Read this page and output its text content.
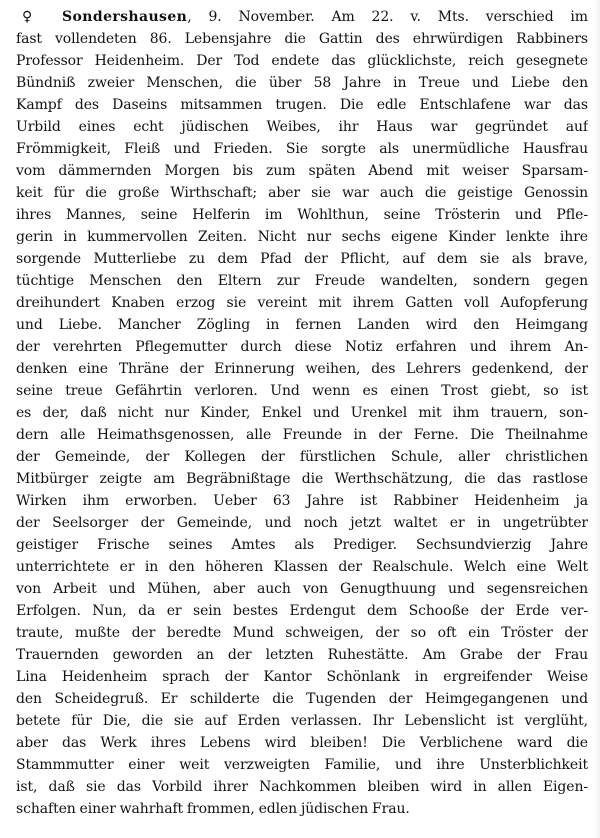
♀ Sondershausen, 9. November. Am 22. v. Mts. verschied im
fast vollendeten 86. Lebensjahre die Gattin des ehrwürdigen Rabbiners
Professor Heidenheim. Der Tod endete das glücklichste, reich gesegnete
Bündniß zweier Menschen, die über 58 Jahre in Treue und Liebe den
Kampf des Daseins mitsammen trugen. Die edle Entschlafene war das
Urbild eines echt jüdischen Weibes, ihr Haus war gegründet auf
Frömmigkeit, Fleiß und Frieden. Sie sorgte als unermüdliche Hausfrau
vom dämmernden Morgen bis zum späten Abend mit weiser Sparsam-
keit für die große Wirthschaft; aber sie war auch die geistige Genossin
ihres Mannes, seine Helferin im Wohlthun, seine Trösterin und Pfle-
gerin in kummervollen Zeiten. Nicht nur sechs eigene Kinder lenkte ihre
sorgende Mutterliebe zu dem Pfad der Pflicht, auf dem sie als brave,
tüchtige Menschen den Eltern zur Freude wandelten, sondern gegen
dreihundert Knaben erzog sie vereint mit ihrem Gatten voll Aufopferung
und Liebe. Mancher Zögling in fernen Landen wird den Heimgang
der verehrten Pflegemutter durch diese Notiz erfahren und ihrem An-
denken eine Thräne der Erinnerung weihen, des Lehrers gedenkend, der
seine treue Gefährtin verloren. Und wenn es einen Trost giebt, so ist
es der, daß nicht nur Kinder, Enkel und Urenkel mit ihm trauern, son-
dern alle Heimathsgenossen, alle Freunde in der Ferne. Die Theilnahme
der Gemeinde, der Kollegen der fürstlichen Schule, aller christlichen
Mitbürger zeigte am Begräbnißtage die Werthschätzung, die das rastlose
Wirken ihm erworben. Ueber 63 Jahre ist Rabbiner Heidenheim ja
der Seelsorger der Gemeinde, und noch jetzt waltet er in ungetrübter
geistiger Frische seines Amtes als Prediger. Sechsundvierzig Jahre
unterrichtete er in den höheren Klassen der Realschule. Welch eine Welt
von Arbeit und Mühen, aber auch von Genugthuung und segensreichen
Erfolgen. Nun, da er sein bestes Erdengut dem Schooße der Erde ver-
traute, mußte der beredte Mund schweigen, der so oft ein Tröster der
Trauernden geworden an der letzten Ruhestätte. Am Grabe der Frau
Lina Heidenheim sprach der Kantor Schönlank in ergreifender Weise
den Scheidegruß. Er schilderte die Tugenden der Heimgegangenen und
betete für Die, die sie auf Erden verlassen. Ihr Lebenslicht ist verglüht,
aber das Werk ihres Lebens wird bleiben! Die Verblichene ward die
Stammmutter einer weit verzweigten Familie, und ihre Unsterblichkeit
ist, daß sie das Vorbild ihrer Nachkommen bleiben wird in allen Eigen-
schaften einer wahrhaft frommen, edlen jüdischen Frau.
